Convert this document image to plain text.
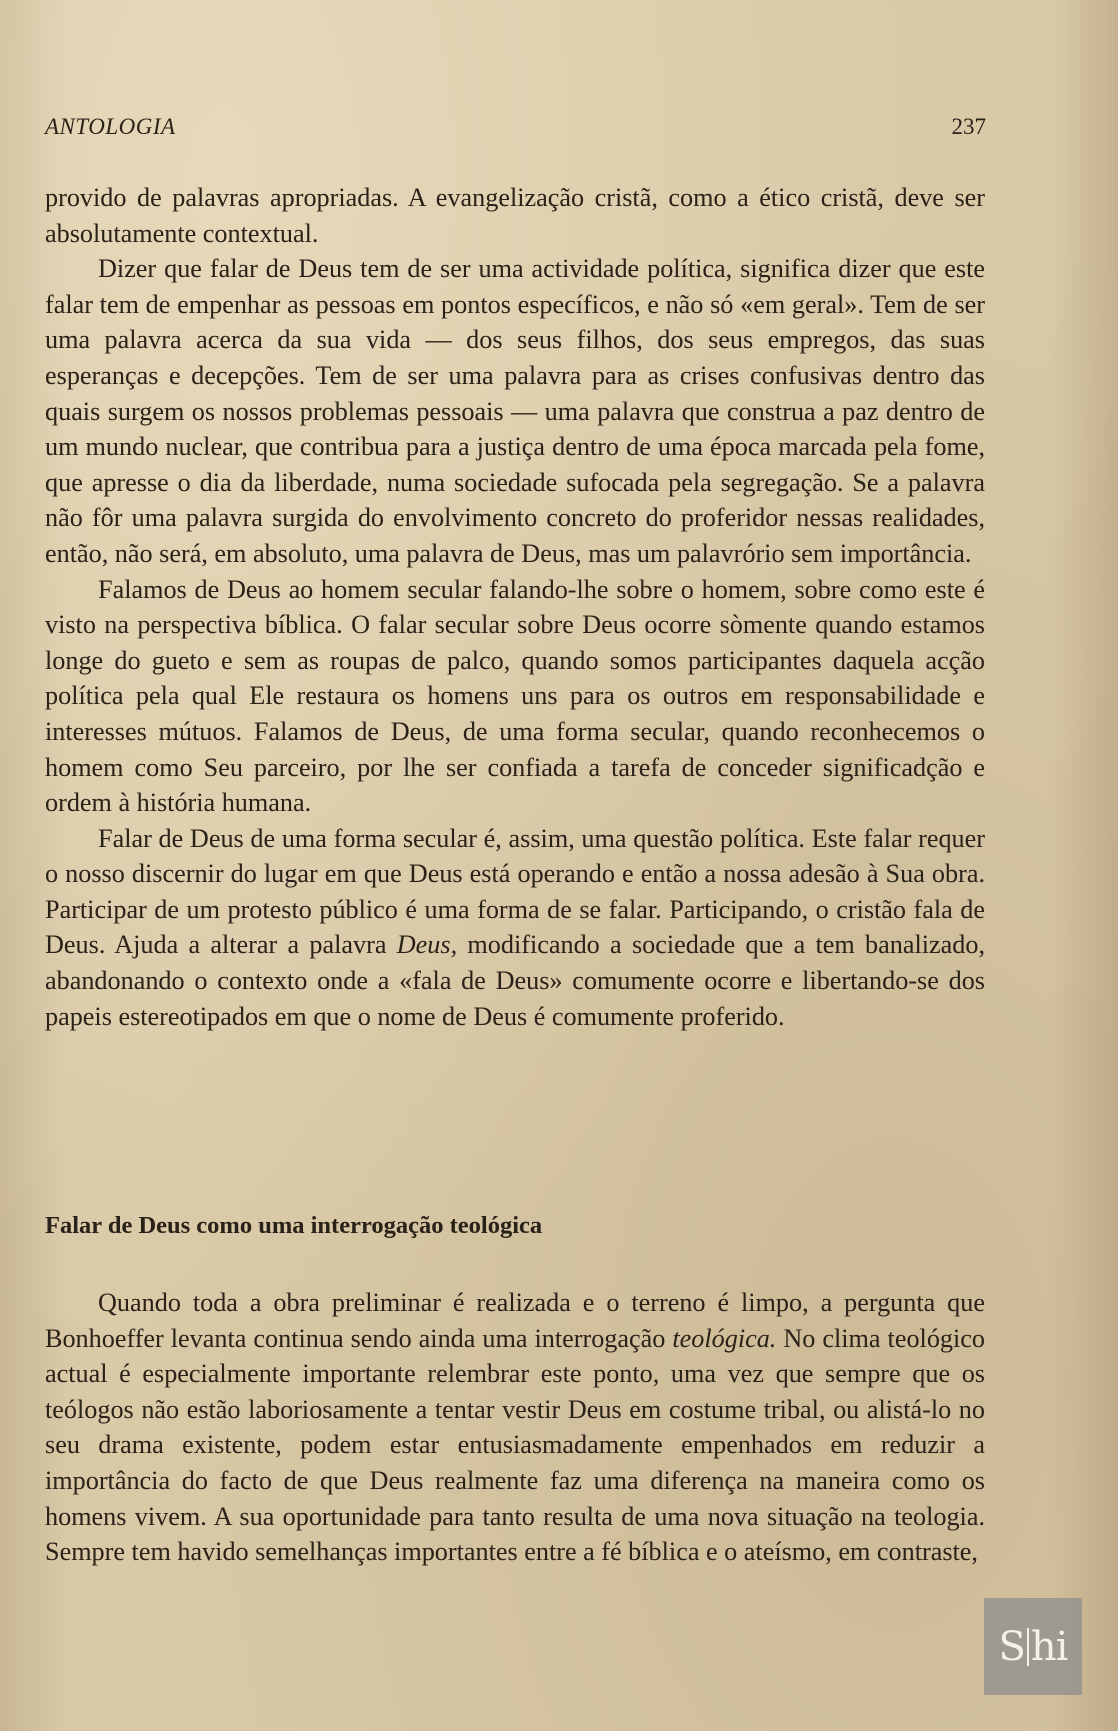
ANTOLOGIA	237

provido de palavras apropriadas. A evangelização cristã, como a ético cristã, deve ser absolutamente contextual.

Dizer que falar de Deus tem de ser uma actividade política, significa dizer que este falar tem de empenhar as pessoas em pontos específicos, e não só «em geral». Tem de ser uma palavra acerca da sua vida — dos seus filhos, dos seus empregos, das suas esperanças e decepções. Tem de ser uma palavra para as crises confusivas dentro das quais surgem os nossos problemas pessoais — uma palavra que construa a paz dentro de um mundo nuclear, que contribua para a justiça dentro de uma época marcada pela fome, que apresse o dia da liberdade, numa sociedade sufocada pela segregação. Se a palavra não fôr uma palavra surgida do envolvimento concreto do proferidor nessas realidades, então, não será, em absoluto, uma palavra de Deus, mas um palavrório sem importância.

Falamos de Deus ao homem secular falando-lhe sobre o homem, sobre como este é visto na perspectiva bíblica. O falar secular sobre Deus ocorre sòmente quando estamos longe do gueto e sem as roupas de palco, quando somos participantes daquela acção política pela qual Ele restaura os homens uns para os outros em responsabilidade e interesses mútuos. Falamos de Deus, de uma forma secular, quando reconhecemos o homem como Seu parceiro, por lhe ser confiada a tarefa de conceder significadção e ordem à história humana.

Falar de Deus de uma forma secular é, assim, uma questão política. Este falar requer o nosso discernir do lugar em que Deus está operando e então a nossa adesão à Sua obra. Participar de um protesto público é uma forma de se falar. Participando, o cristão fala de Deus. Ajuda a alterar a palavra Deus, modificando a sociedade que a tem banalizado, abandonando o contexto onde a «fala de Deus» comumente ocorre e libertando-se dos papeis estereotipados em que o nome de Deus é comumente proferido.

Falar de Deus como uma interrogação teológica

Quando toda a obra preliminar é realizada e o terreno é limpo, a pergunta que Bonhoeffer levanta continua sendo ainda uma interrogação teológica. No clima teológico actual é especialmente importante relembrar este ponto, uma vez que sempre que os teólogos não estão laboriosamente a tentar vestir Deus em costume tribal, ou alistá-lo no seu drama existente, podem estar entusiasmadamente empenhados em reduzir a importância do facto de que Deus realmente faz uma diferença na maneira como os homens vivem. A sua oportunidade para tanto resulta de uma nova situação na teologia. Sempre tem havido semelhanças importantes entre a fé bíblica e o ateísmo, em contraste,

S hi
